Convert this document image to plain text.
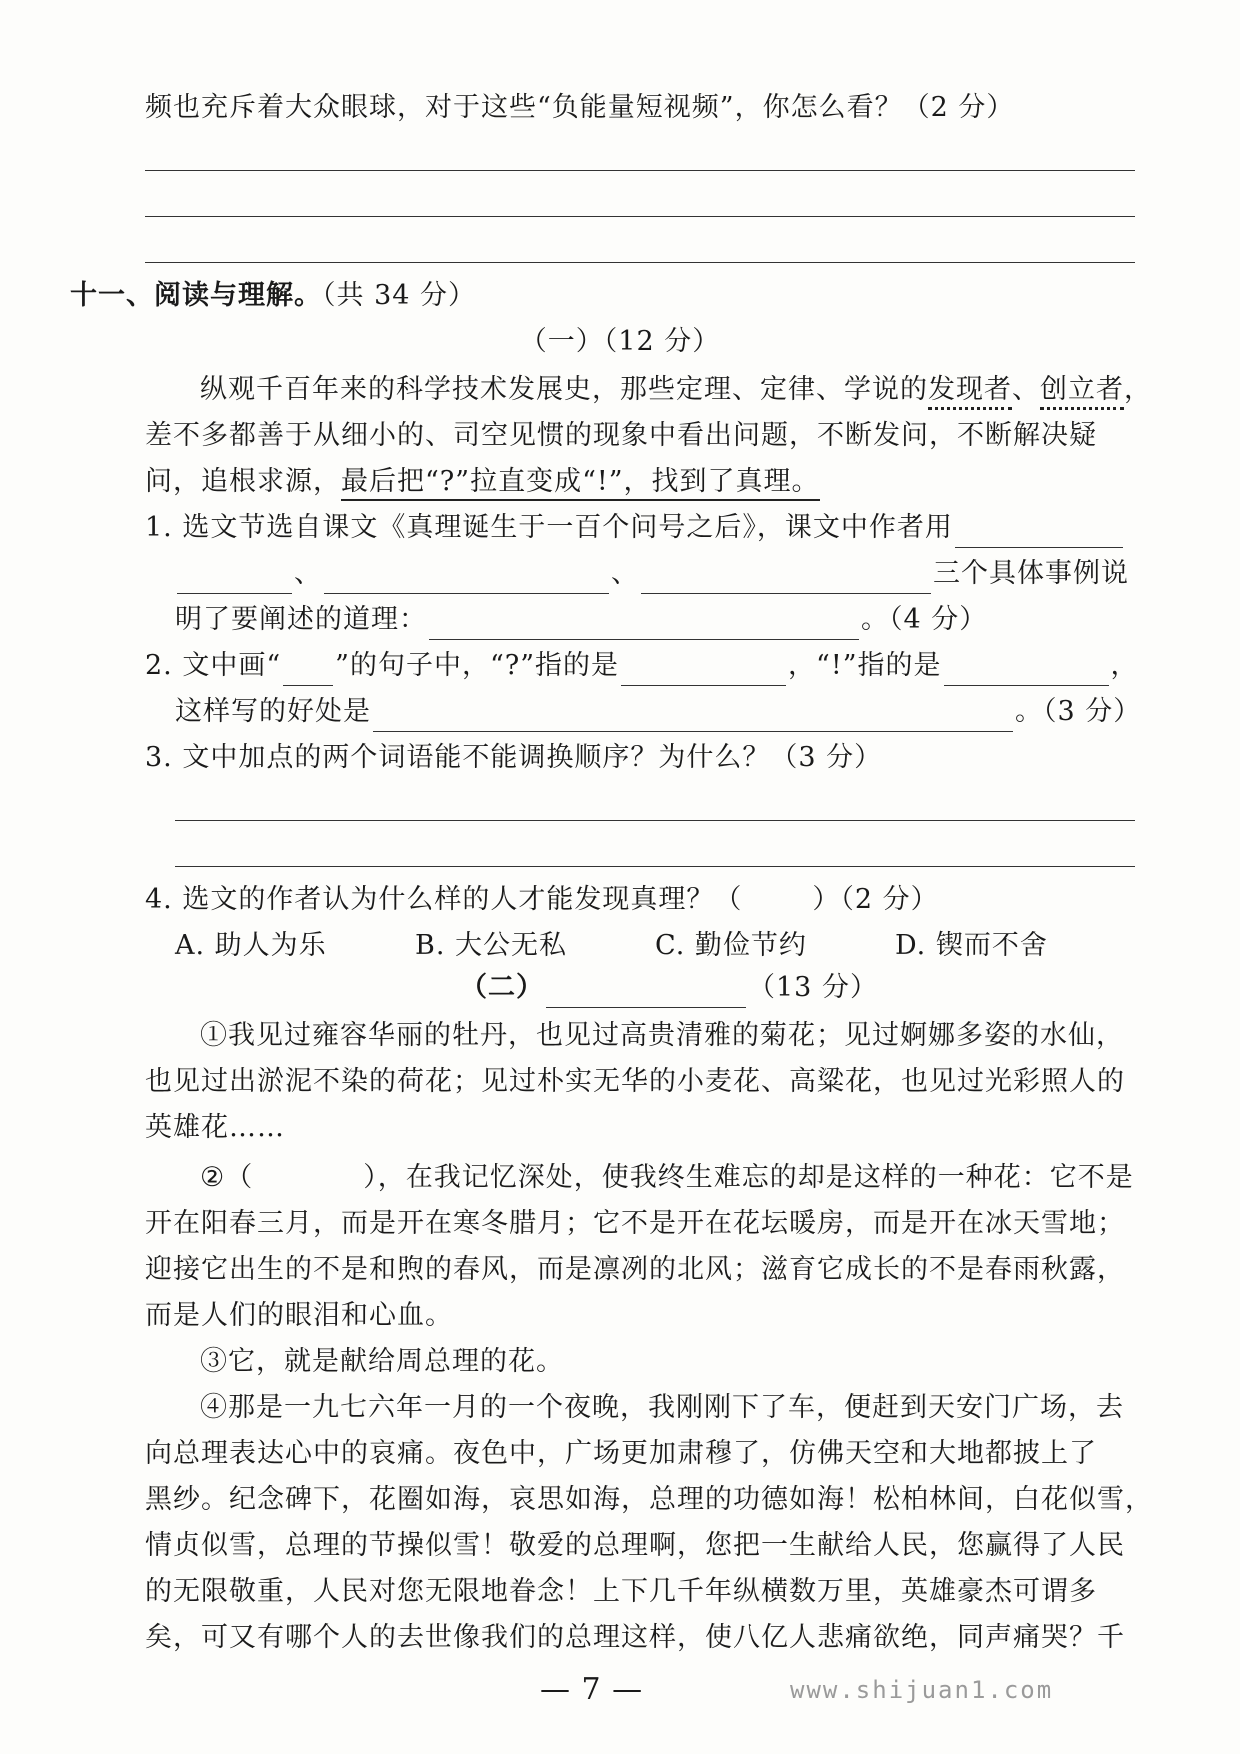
频也充斥着大众眼球，对于这些“负能量短视频”，你怎么看？（2 分）
十一、阅读与理解。（共 34 分）
（一）（12 分）
纵观千百年来的科学技术发展史，那些定理、定律、学说的发现者、创立者，
差不多都善于从细小的、司空见惯的现象中看出问题，不断发问，不断解决疑
问，追根求源，最后把“?”拉直变成“!”，找到了真理。
1. 选文节选自课文《真理诞生于一百个问号之后》，课文中作者用
、	、	三个具体事例说
明了要阐述的道理：	。（4 分）
2. 文中画“ ”的句子中，“?”指的是	，“!”指的是	，
这样写的好处是	。（3 分）
3. 文中加点的两个词语能不能调换顺序？为什么？（3 分）
4. 选文的作者认为什么样的人才能发现真理？（	）（2 分）
A. 助人为乐	B. 大公无私	C. 勤俭节约	D. 锲而不舍
（二）	（13 分）
①我见过雍容华丽的牡丹，也见过高贵清雅的菊花；见过婀娜多姿的水仙，
也见过出淤泥不染的荷花；见过朴实无华的小麦花、高粱花，也见过光彩照人的
英雄花……
②（	），在我记忆深处，使我终生难忘的却是这样的一种花：它不是
开在阳春三月，而是开在寒冬腊月；它不是开在花坛暖房，而是开在冰天雪地；
迎接它出生的不是和煦的春风，而是凛冽的北风；滋育它成长的不是春雨秋露，
而是人们的眼泪和心血。
③它，就是献给周总理的花。
④那是一九七六年一月的一个夜晚，我刚刚下了车，便赶到天安门广场，去
向总理表达心中的哀痛。夜色中，广场更加肃穆了，仿佛天空和大地都披上了
黑纱。纪念碑下，花圈如海，哀思如海，总理的功德如海！松柏林间，白花似雪，
情贞似雪，总理的节操似雪！敬爱的总理啊，您把一生献给人民，您赢得了人民
的无限敬重，人民对您无限地眷念！上下几千年纵横数万里，英雄豪杰可谓多
矣，可又有哪个人的去世像我们的总理这样，使八亿人悲痛欲绝，同声痛哭？千
— 7 —	www.shijuan1.com
